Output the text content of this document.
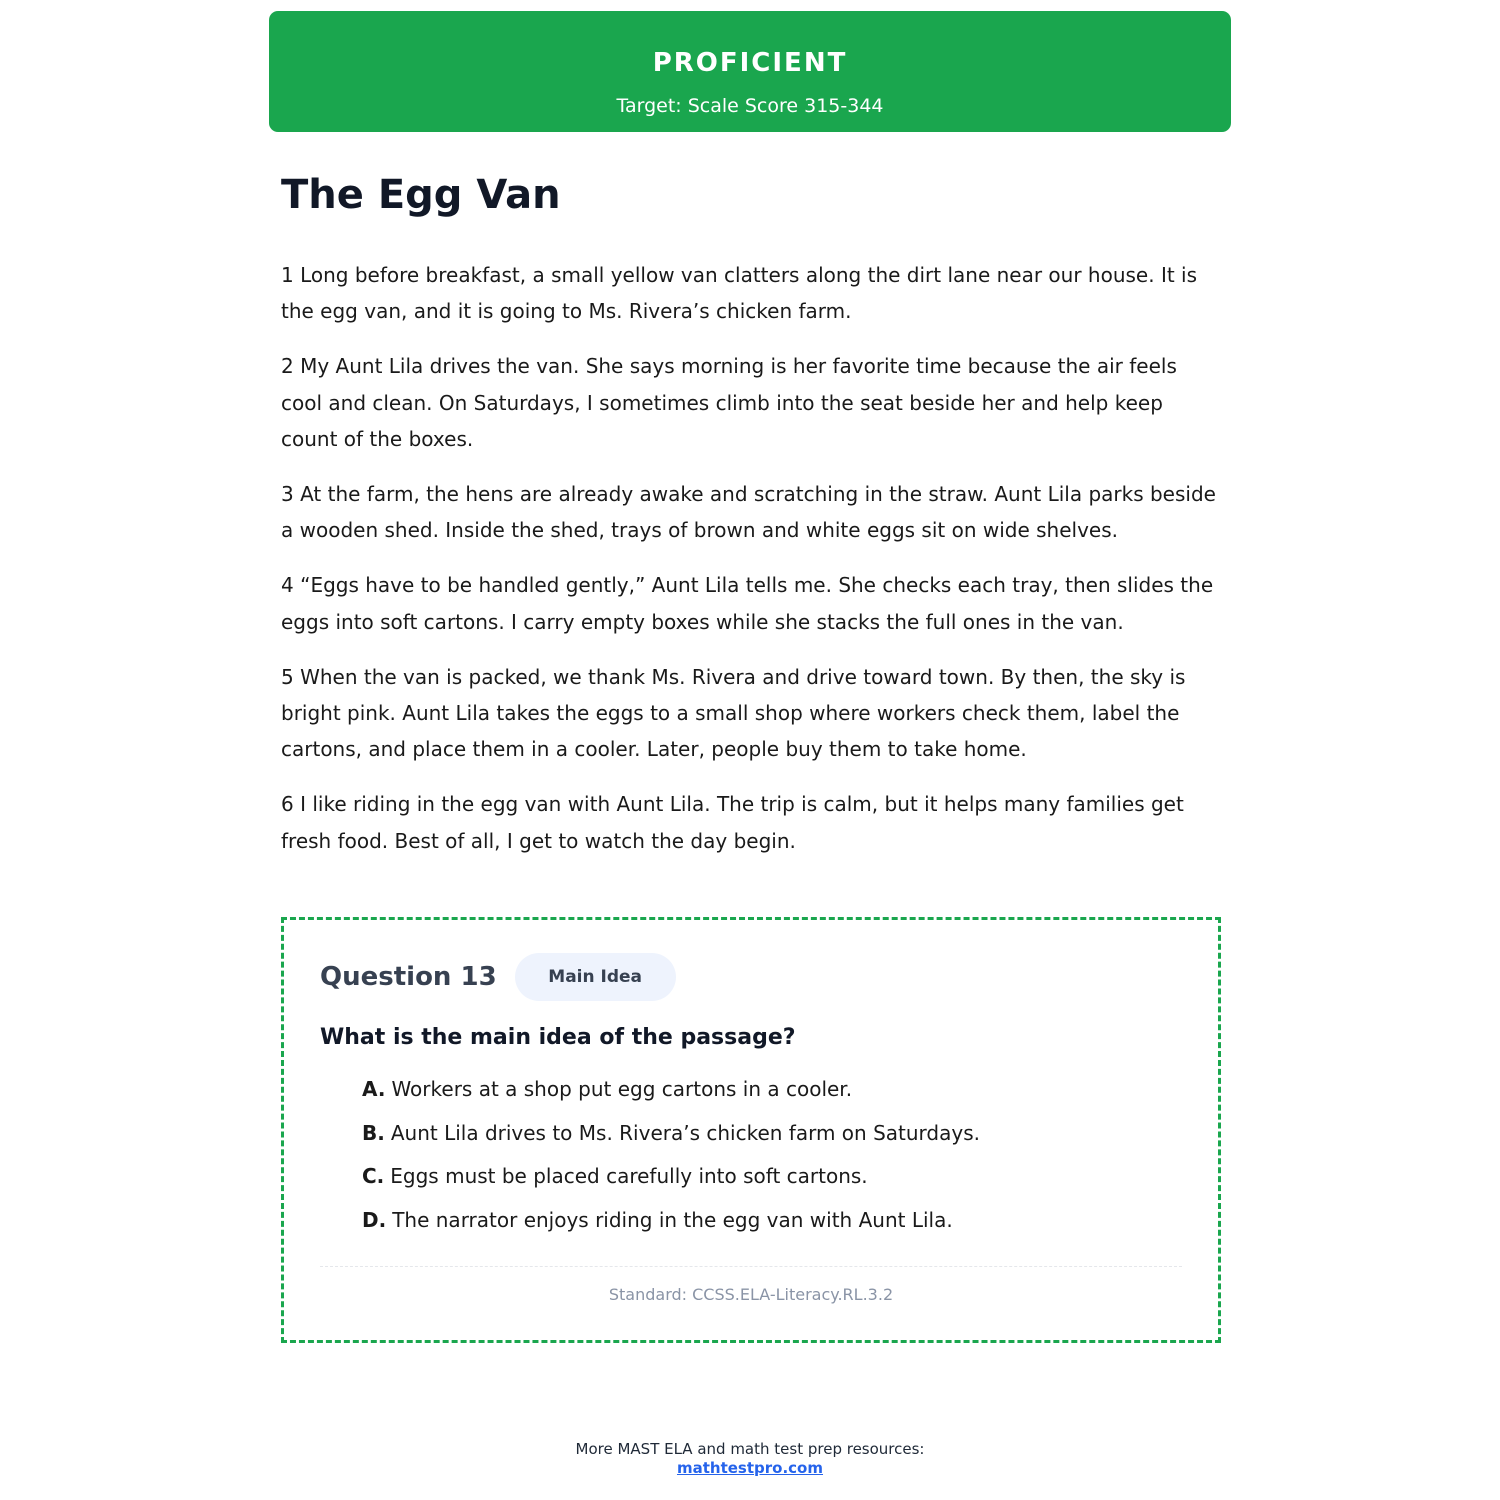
PROFICIENT
Target: Scale Score 315-344
The Egg Van

1 Long before breakfast, a small yellow van clatters along the dirt lane near our house. It is the egg van, and it is going to Ms. Rivera’s chicken farm.

2 My Aunt Lila drives the van. She says morning is her favorite time because the air feels cool and clean. On Saturdays, I sometimes climb into the seat beside her and help keep count of the boxes.

3 At the farm, the hens are already awake and scratching in the straw. Aunt Lila parks beside a wooden shed. Inside the shed, trays of brown and white eggs sit on wide shelves.

4 “Eggs have to be handled gently,” Aunt Lila tells me. She checks each tray, then slides the eggs into soft cartons. I carry empty boxes while she stacks the full ones in the van.

5 When the van is packed, we thank Ms. Rivera and drive toward town. By then, the sky is bright pink. Aunt Lila takes the eggs to a small shop where workers check them, label the cartons, and place them in a cooler. Later, people buy them to take home.

6 I like riding in the egg van with Aunt Lila. The trip is calm, but it helps many families get fresh food. Best of all, I get to watch the day begin.

Question 13	Main Idea
What is the main idea of the passage?
A. Workers at a shop put egg cartons in a cooler.
B. Aunt Lila drives to Ms. Rivera’s chicken farm on Saturdays.
C. Eggs must be placed carefully into soft cartons.
D. The narrator enjoys riding in the egg van with Aunt Lila.
Standard: CCSS.ELA-Literacy.RL.3.2
More MAST ELA and math test prep resources:
mathtestpro.com
